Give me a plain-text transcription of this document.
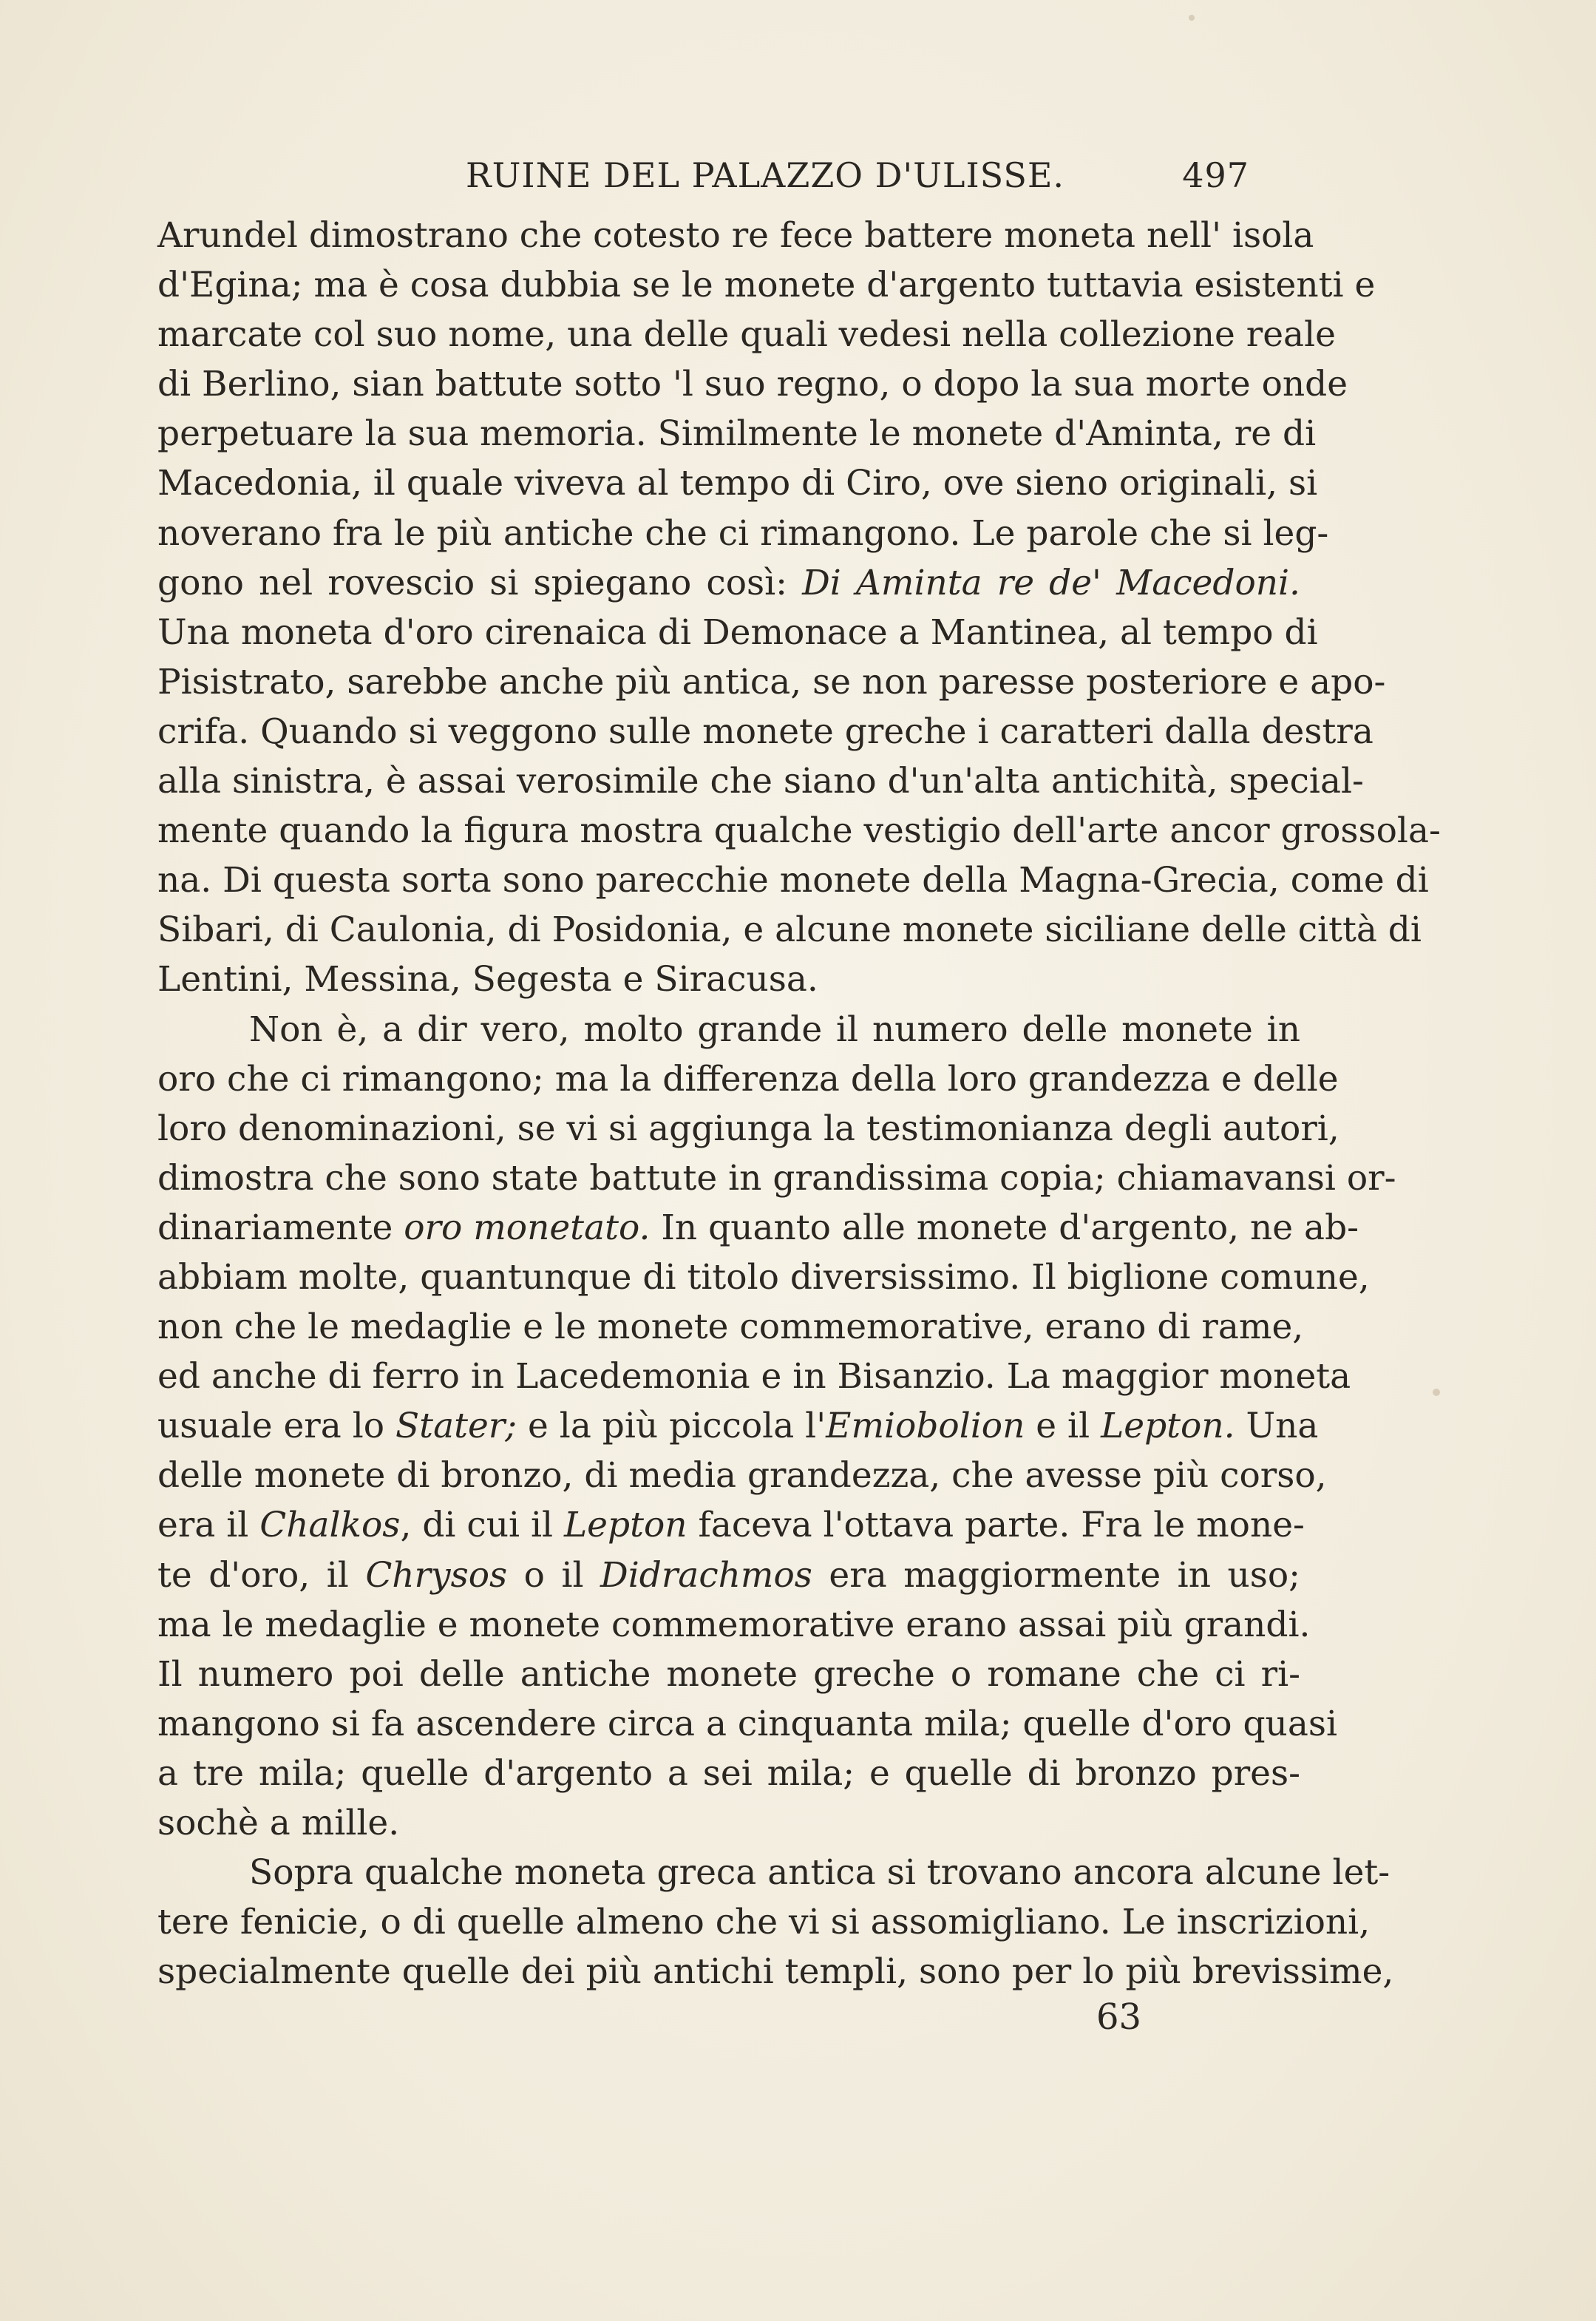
RUINE DEL PALAZZO D'ULISSE.	497
Arundel dimostrano che cotesto re fece battere moneta nell' isola
d'Egina; ma è cosa dubbia se le monete d'argento tuttavia esistenti e
marcate col suo nome, una delle quali vedesi nella collezione reale
di Berlino, sian battute sotto 'l suo regno, o dopo la sua morte onde
perpetuare la sua memoria. Similmente le monete d'Aminta, re di
Macedonia, il quale viveva al tempo di Ciro, ove sieno originali, si
noverano fra le più antiche che ci rimangono. Le parole che si leg-
gono nel rovescio si spiegano così: Di Aminta re de' Macedoni.
Una moneta d'oro cirenaica di Demonace a Mantinea, al tempo di
Pisistrato, sarebbe anche più antica, se non paresse posteriore e apo-
crifa. Quando si veggono sulle monete greche i caratteri dalla destra
alla sinistra, è assai verosimile che siano d'un'alta antichità, special-
mente quando la figura mostra qualche vestigio dell'arte ancor grossola-
na. Di questa sorta sono parecchie monete della Magna-Grecia, come di
Sibari, di Caulonia, di Posidonia, e alcune monete siciliane delle città di
Lentini, Messina, Segesta e Siracusa.
Non è, a dir vero, molto grande il numero delle monete in
oro che ci rimangono; ma la differenza della loro grandezza e delle
loro denominazioni, se vi si aggiunga la testimonianza degli autori,
dimostra che sono state battute in grandissima copia; chiamavansi or-
dinariamente oro monetato. In quanto alle monete d'argento, ne ab-
abbiam molte, quantunque di titolo diversissimo. Il biglione comune,
non che le medaglie e le monete commemorative, erano di rame,
ed anche di ferro in Lacedemonia e in Bisanzio. La maggior moneta
usuale era lo Stater; e la più piccola l'Emiobolion e il Lepton. Una
delle monete di bronzo, di media grandezza, che avesse più corso,
era il Chalkos, di cui il Lepton faceva l'ottava parte. Fra le mone-
te d'oro, il Chrysos o il Didrachmos era maggiormente in uso;
ma le medaglie e monete commemorative erano assai più grandi.
Il numero poi delle antiche monete greche o romane che ci ri-
mangono si fa ascendere circa a cinquanta mila; quelle d'oro quasi
a tre mila; quelle d'argento a sei mila; e quelle di bronzo pres-
sochè a mille.
Sopra qualche moneta greca antica si trovano ancora alcune let-
tere fenicie, o di quelle almeno che vi si assomigliano. Le inscrizioni,
specialmente quelle dei più antichi templi, sono per lo più brevissime,
63
